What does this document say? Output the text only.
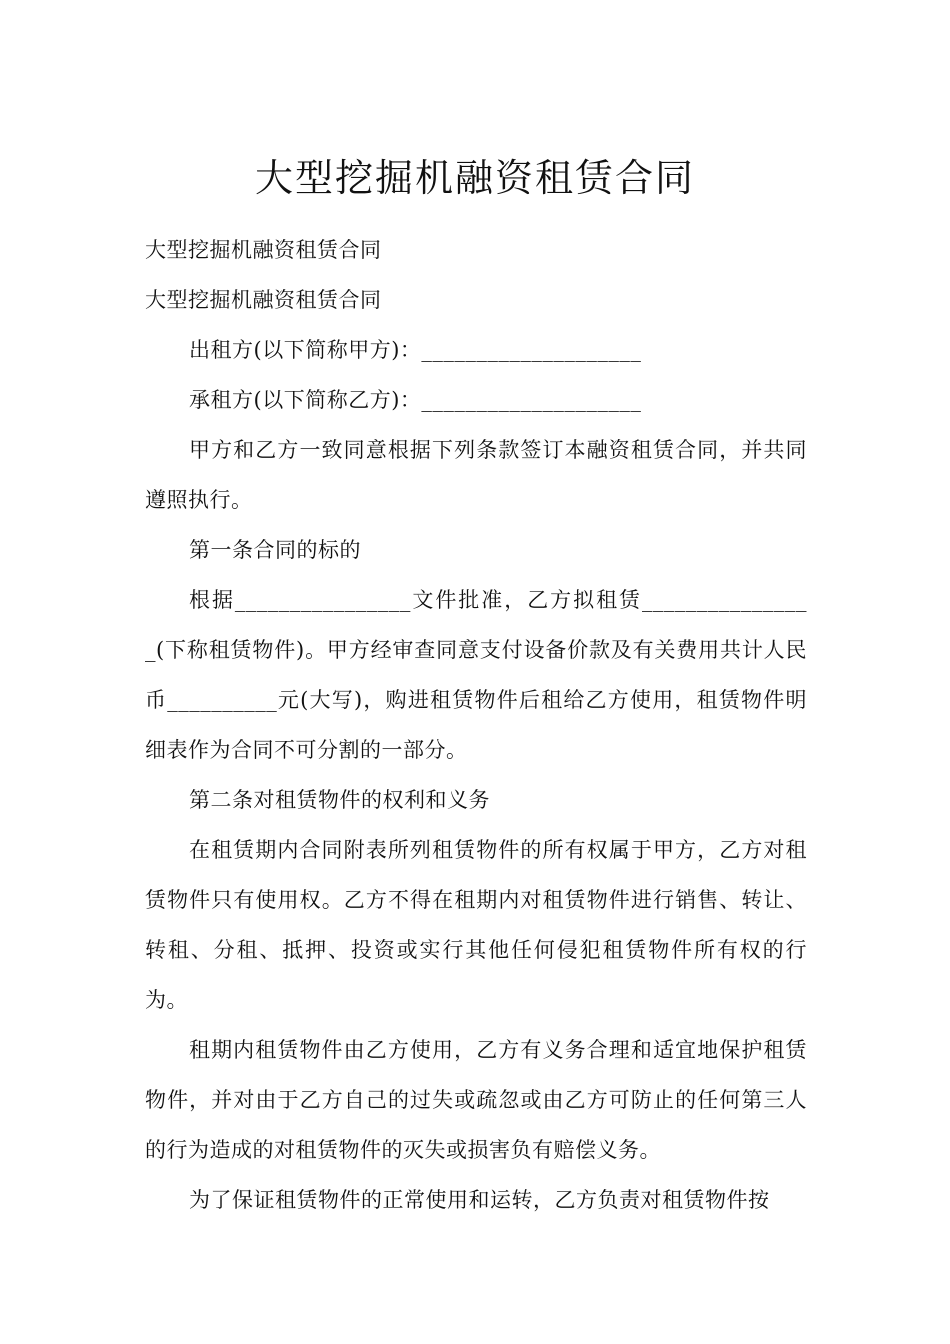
大型挖掘机融资租赁合同

大型挖掘机融资租赁合同

大型挖掘机融资租赁合同

出租方(以下简称甲方)：____________________

承租方(以下简称乙方)：____________________

甲方和乙方一致同意根据下列条款签订本融资租赁合同，并共同遵照执行。

第一条合同的标的

根据________________文件批准，乙方拟租赁_______________ _(下称租赁物件)。甲方经审查同意支付设备价款及有关费用共计人民币__________元(大写)，购进租赁物件后租给乙方使用，租赁物件明细表作为合同不可分割的一部分。

第二条对租赁物件的权利和义务

在租赁期内合同附表所列租赁物件的所有权属于甲方，乙方对租赁物件只有使用权。乙方不得在租期内对租赁物件进行销售、转让、转租、分租、抵押、投资或实行其他任何侵犯租赁物件所有权的行为。

租期内租赁物件由乙方使用，乙方有义务合理和适宜地保护租赁物件，并对由于乙方自己的过失或疏忽或由乙方可防止的任何第三人的行为造成的对租赁物件的灭失或损害负有赔偿义务。

为了保证租赁物件的正常使用和运转，乙方负责对租赁物件按
